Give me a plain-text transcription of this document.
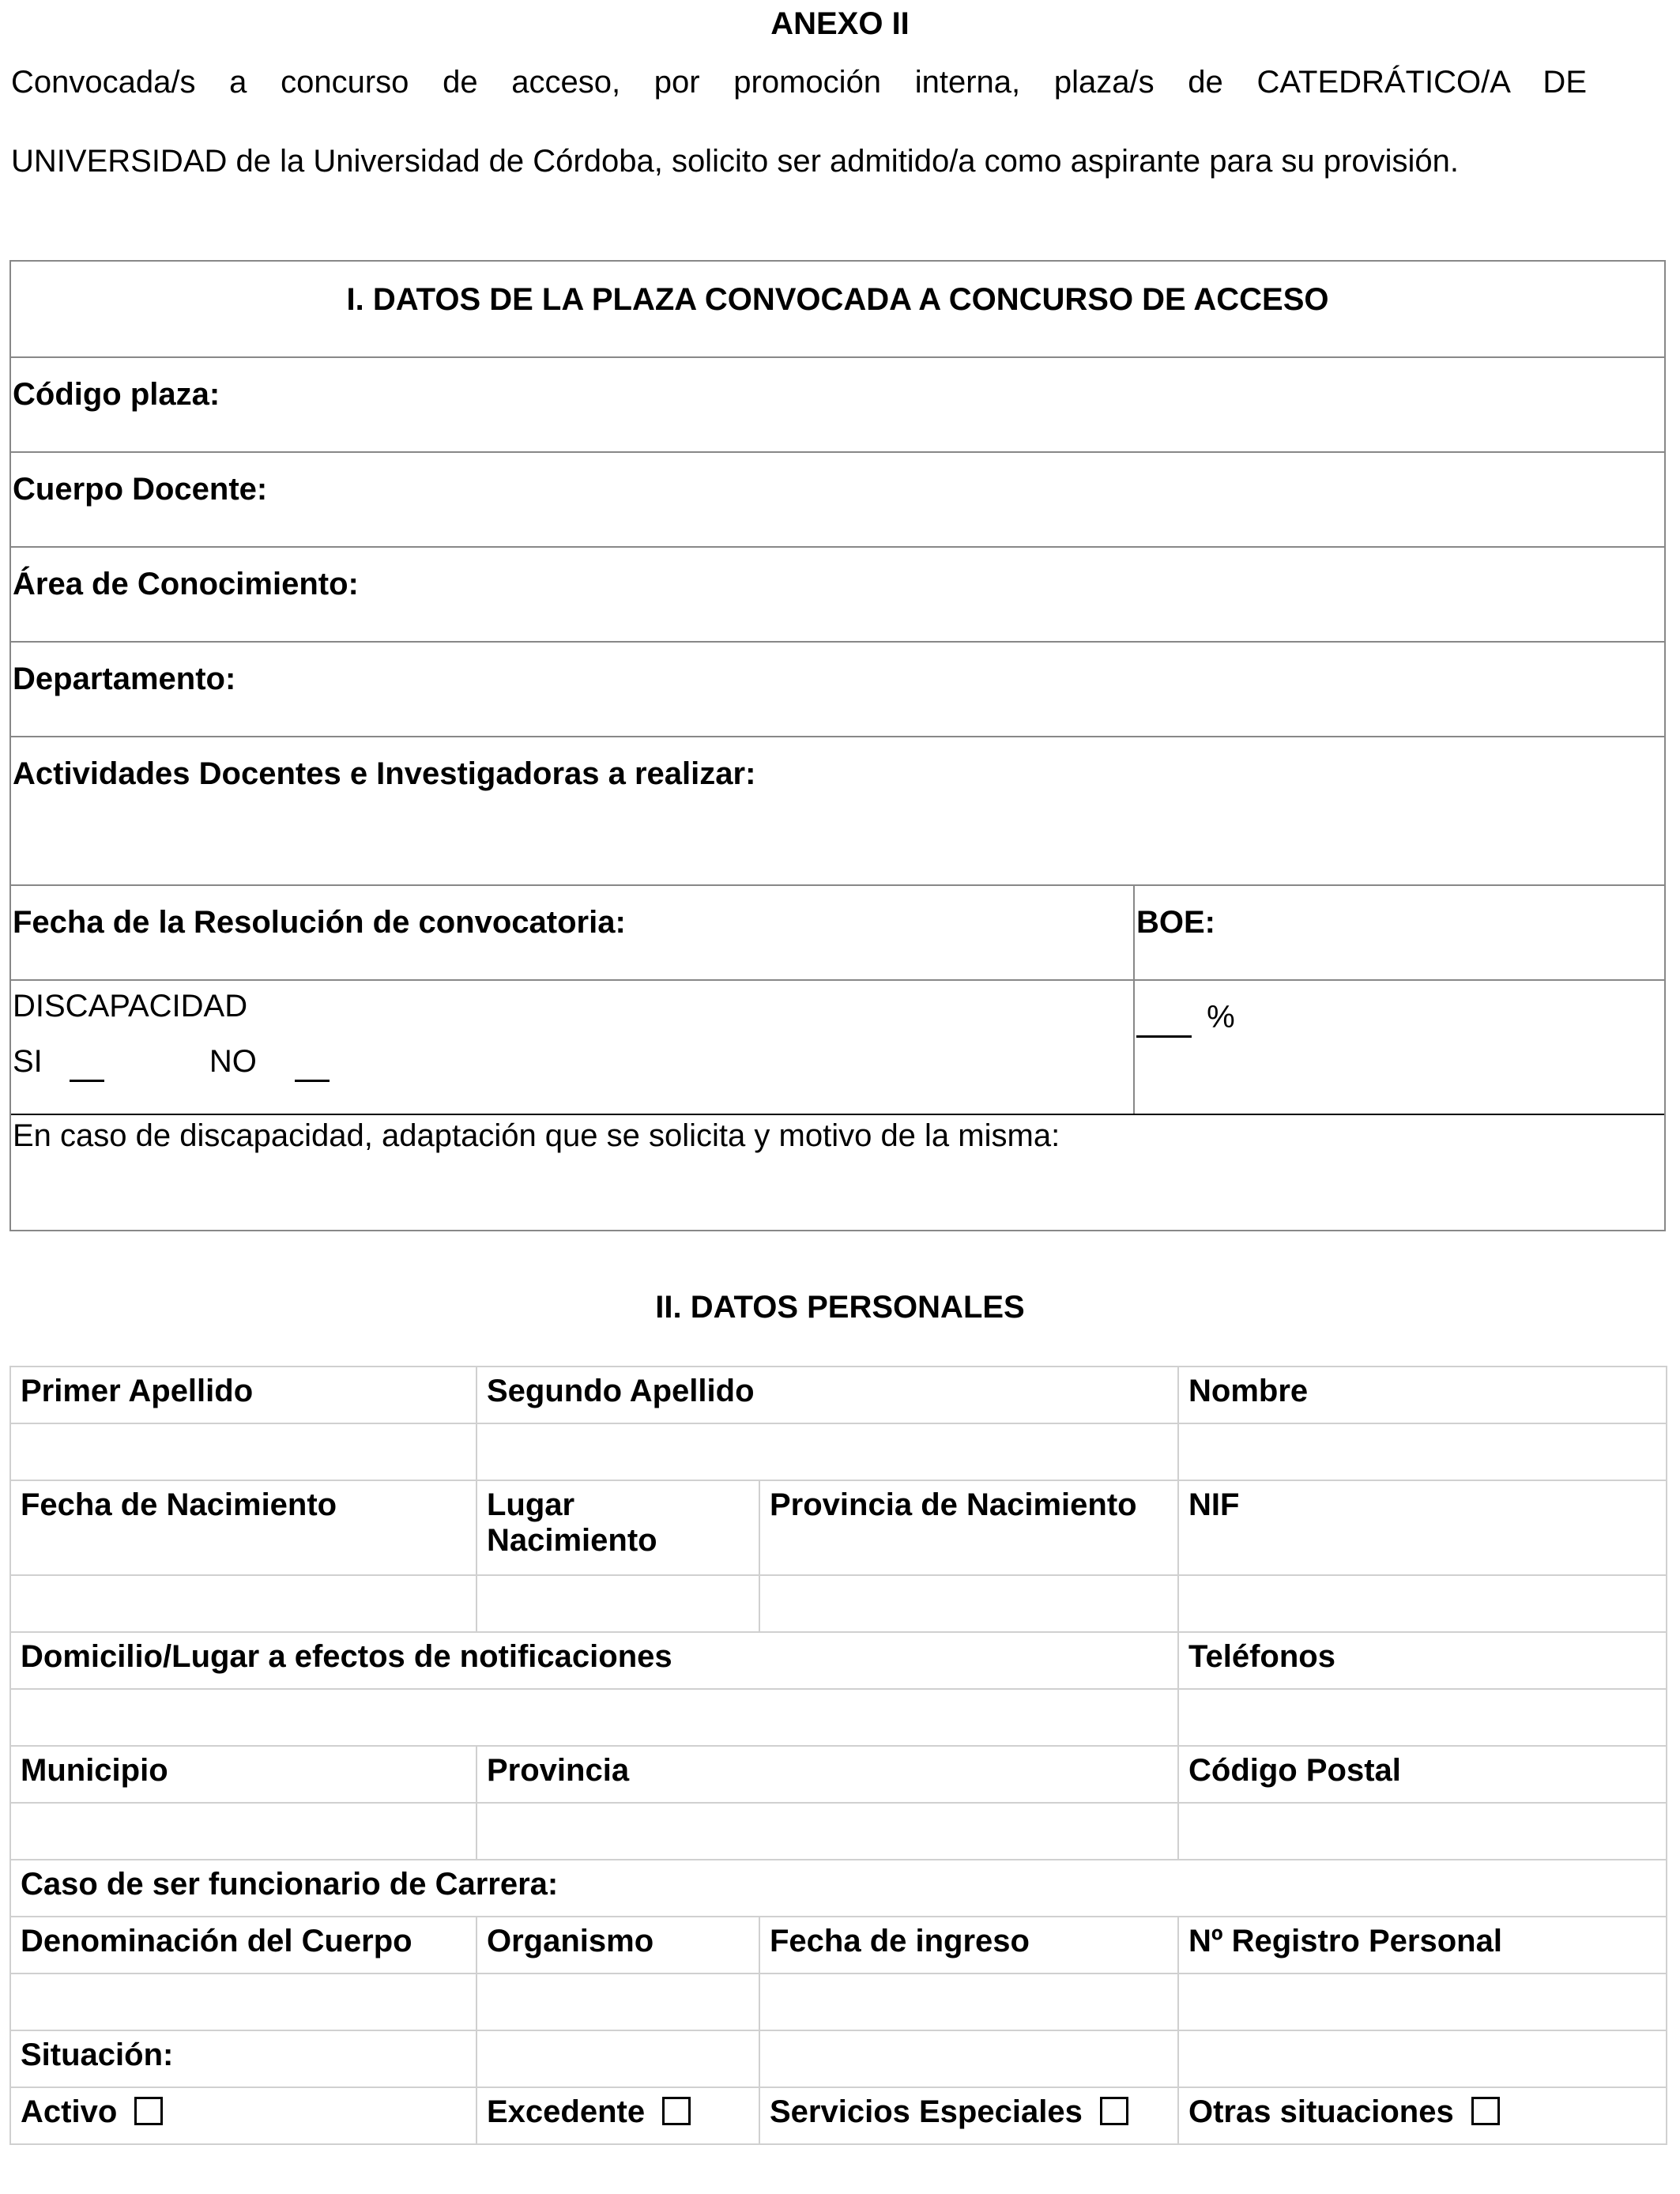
ANEXO II
Convocada/s a concurso de acceso, por promoción interna, plaza/s de CATEDRÁTICO/A DE
UNIVERSIDAD de la Universidad de Córdoba, solicito ser admitido/a como aspirante para su provisión.
I. DATOS DE LA PLAZA CONVOCADA A CONCURSO DE ACCESO
Código plaza:
Cuerpo Docente:
Área de Conocimiento:
Departamento:
Actividades Docentes e Investigadoras a realizar:
Fecha de la Resolución de convocatoria:	BOE:
DISCAPACIDAD
SI	NO
%
En caso de discapacidad, adaptación que se solicita y motivo de la misma:
II. DATOS PERSONALES
Primer Apellido	Segundo Apellido		Nombre

Fecha de Nacimiento	Lugar Nacimiento	Provincia de Nacimiento	NIF

Domicilio/Lugar a efectos de notificaciones			Teléfonos

Municipio	Provincia		Código Postal

Caso de ser funcionario de Carrera:			
Denominación del Cuerpo	Organismo	Fecha de ingreso	Nº Registro Personal

Situación:			
Activo	Excedente	Servicios Especiales	Otras situaciones
